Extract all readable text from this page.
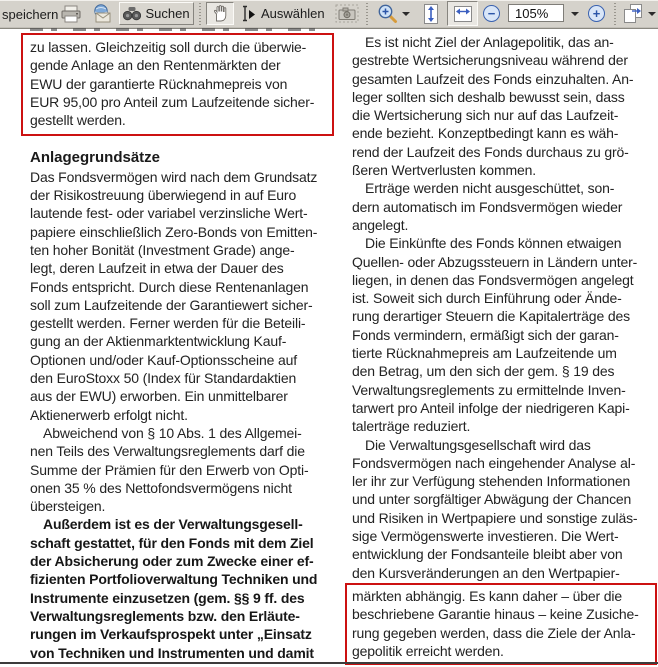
speichern	Suchen	Auswählen	−
105%	+
zu lassen. Gleichzeitig soll durch die überwie-
gende Anlage an den Rentenmärkten der
EWU der garantierte Rücknahmepreis von
EUR 95,00 pro Anteil zum Laufzeitende sicher-
gestellt werden.
Anlagegrundsätze
Das Fondsvermögen wird nach dem Grundsatz
der Risikostreuung überwiegend in auf Euro
lautende fest- oder variabel verzinsliche Wert-
papiere einschließlich Zero-Bonds von Emitten-
ten hoher Bonität (Investment Grade) ange-
legt, deren Laufzeit in etwa der Dauer des
Fonds entspricht. Durch diese Rentenanlagen
soll zum Laufzeitende der Garantiewert sicher-
gestellt werden. Ferner werden für die Beteili-
gung an der Aktienmarktentwicklung Kauf-
Optionen und/oder Kauf-Optionsscheine auf
den EuroStoxx 50 (Index für Standardaktien
aus der EWU) erworben. Ein unmittelbarer
Aktienerwerb erfolgt nicht.
Abweichend von § 10 Abs. 1 des Allgemei-
nen Teils des Verwaltungsreglements darf die
Summe der Prämien für den Erwerb von Opti-
onen 35 % des Nettofondsvermögens nicht
übersteigen.
Außerdem ist es der Verwaltungsgesell-
schaft gestattet, für den Fonds mit dem Ziel
der Absicherung oder zum Zwecke einer ef-
fizienten Portfolioverwaltung Techniken und
Instrumente einzusetzen (gem. §§ 9 ff. des
Verwaltungsreglements bzw. den Erläute-
rungen im Verkaufsprospekt unter „Einsatz
von Techniken und Instrumenten und damit
Es ist nicht Ziel der Anlagepolitik, das an-
gestrebte Wertsicherungsniveau während der
gesamten Laufzeit des Fonds einzuhalten. An-
leger sollten sich deshalb bewusst sein, dass
die Wertsicherung sich nur auf das Laufzeit-
ende bezieht. Konzeptbedingt kann es wäh-
rend der Laufzeit des Fonds durchaus zu grö-
ßeren Wertverlusten kommen.
Erträge werden nicht ausgeschüttet, son-
dern automatisch im Fondsvermögen wieder
angelegt.
Die Einkünfte des Fonds können etwaigen
Quellen- oder Abzugssteuern in Ländern unter-
liegen, in denen das Fondsvermögen angelegt
ist. Soweit sich durch Einführung oder Ände-
rung derartiger Steuern die Kapitalerträge des
Fonds vermindern, ermäßigt sich der garan-
tierte Rücknahmepreis am Laufzeitende um
den Betrag, um den sich der gem. § 19 des
Verwaltungsreglements zu ermittelnde Inven-
tarwert pro Anteil infolge der niedrigeren Kapi-
talerträge reduziert.
Die Verwaltungsgesellschaft wird das
Fondsvermögen nach eingehender Analyse al-
ler ihr zur Verfügung stehenden Informationen
und unter sorgfältiger Abwägung der Chancen
und Risiken in Wertpapiere und sonstige zuläs-
sige Vermögenswerte investieren. Die Wert-
entwicklung der Fondsanteile bleibt aber von
den Kursveränderungen an den Wertpapier-
märkten abhängig. Es kann daher – über die
beschriebene Garantie hinaus – keine Zusiche-
rung gegeben werden, dass die Ziele der Anla-
gepolitik erreicht werden.
